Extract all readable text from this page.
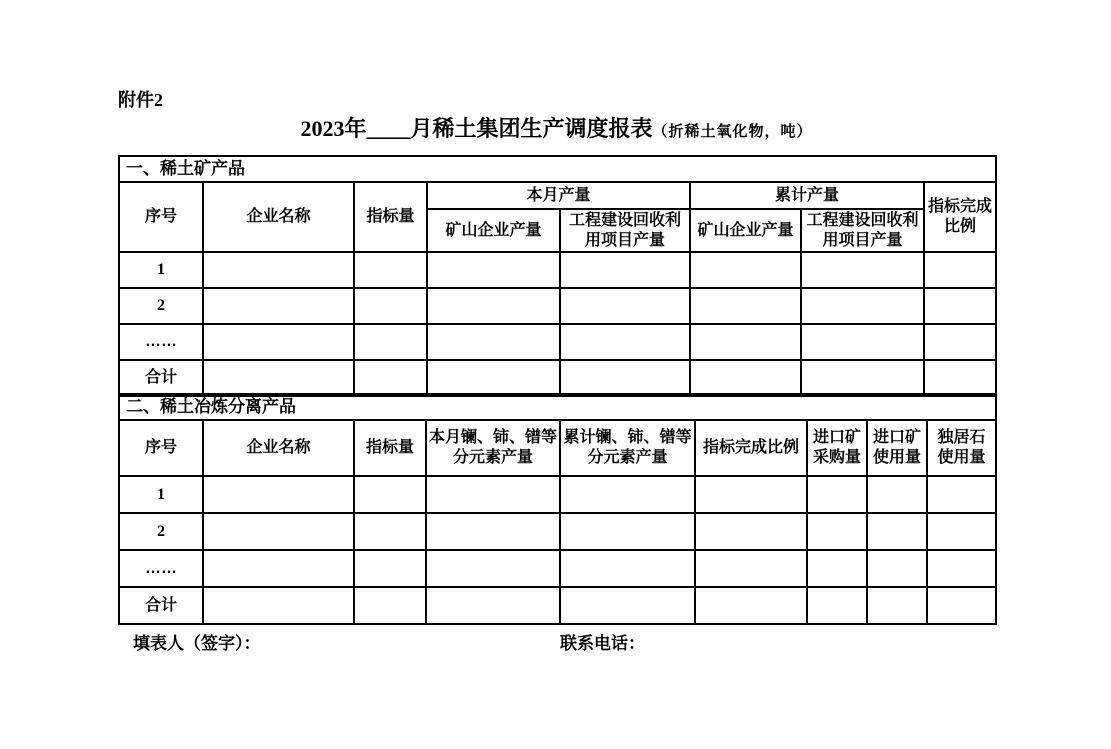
附件2
2023年____月稀土集团生产调度报表（折稀土氧化物，吨）
一、稀土矿产品							
序号	企业名称	指标量	本月产量		累计产量		指标完成比例
			矿山企业产量	工程建设回收利用项目产量	矿山企业产量	工程建设回收利用项目产量	
1							
2							
……							
合计							
二、稀土冶炼分离产品								
序号	企业名称	指标量	本月镧、铈、镨等分元素产量	累计镧、铈、镨等分元素产量	指标完成比例	进口矿采购量	进口矿使用量	独居石使用量
1								
2								
……								
合计								
填表人（签字）：	联系电话：
